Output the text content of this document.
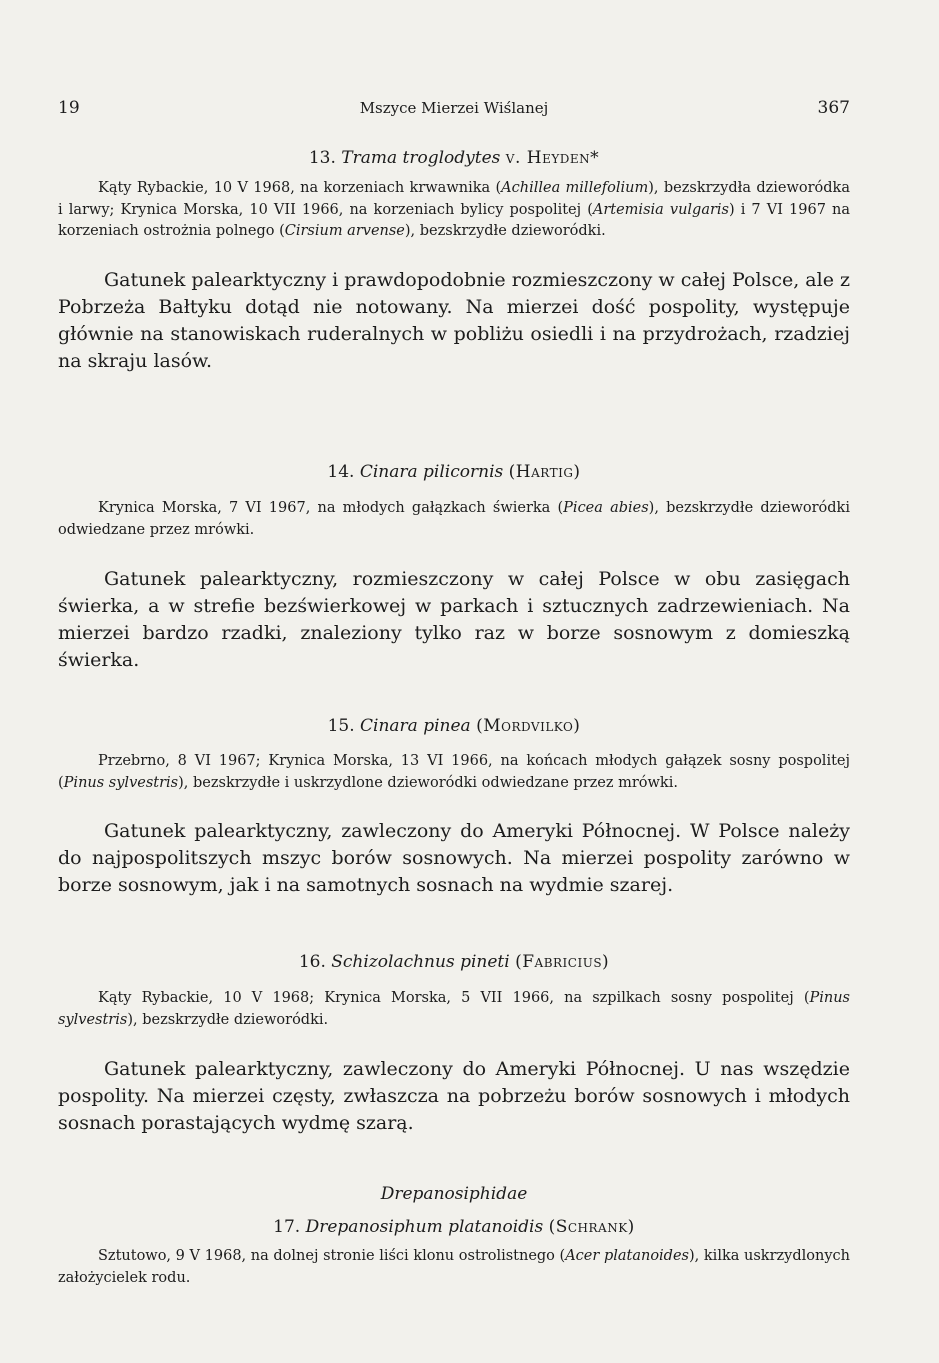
19	Mszyce Mierzei Wiślanej	367
13. Trama troglodytes v. Heyden*
Kąty Rybackie, 10 V 1968, na korzeniach krwawnika (Achillea millefolium), bezskrzydła dzieworódka i larwy; Krynica Morska, 10 VII 1966, na korzeniach bylicy pospolitej (Artemisia vulgaris) i 7 VI 1967 na korzeniach ostrożnia polnego (Cirsium arvense), bezskrzydłe dzieworódki.
Gatunek palearktyczny i prawdopodobnie rozmieszczony w całej Polsce, ale z Pobrzeża Bałtyku dotąd nie notowany. Na mierzei dość pospolity, występuje głównie na stanowiskach ruderalnych w pobliżu osiedli i na przydrożach, rzadziej na skraju lasów.
14. Cinara pilicornis (Hartig)
Krynica Morska, 7 VI 1967, na młodych gałązkach świerka (Picea abies), bezskrzydłe dzieworódki odwiedzane przez mrówki.
Gatunek palearktyczny, rozmieszczony w całej Polsce w obu zasięgach świerka, a w strefie bezświerkowej w parkach i sztucznych zadrzewieniach. Na mierzei bardzo rzadki, znaleziony tylko raz w borze sosnowym z domieszką świerka.
15. Cinara pinea (Mordvilko)
Przebrno, 8 VI 1967; Krynica Morska, 13 VI 1966, na końcach młodych gałązek sosny pospolitej (Pinus sylvestris), bezskrzydłe i uskrzydlone dzieworódki odwiedzane przez mrówki.
Gatunek palearktyczny, zawleczony do Ameryki Północnej. W Polsce należy do najpospolitszych mszyc borów sosnowych. Na mierzei pospolity zarówno w borze sosnowym, jak i na samotnych sosnach na wydmie szarej.
16. Schizolachnus pineti (Fabricius)
Kąty Rybackie, 10 V 1968; Krynica Morska, 5 VII 1966, na szpilkach sosny pospolitej (Pinus sylvestris), bezskrzydłe dzieworódki.
Gatunek palearktyczny, zawleczony do Ameryki Północnej. U nas wszędzie pospolity. Na mierzei częsty, zwłaszcza na pobrzeżu borów sosnowych i młodych sosnach porastających wydmę szarą.
Drepanosiphidae
17. Drepanosiphum platanoidis (Schrank)
Sztutowo, 9 V 1968, na dolnej stronie liści klonu ostrolistnego (Acer platanoides), kilka uskrzydlonych założycielek rodu.
